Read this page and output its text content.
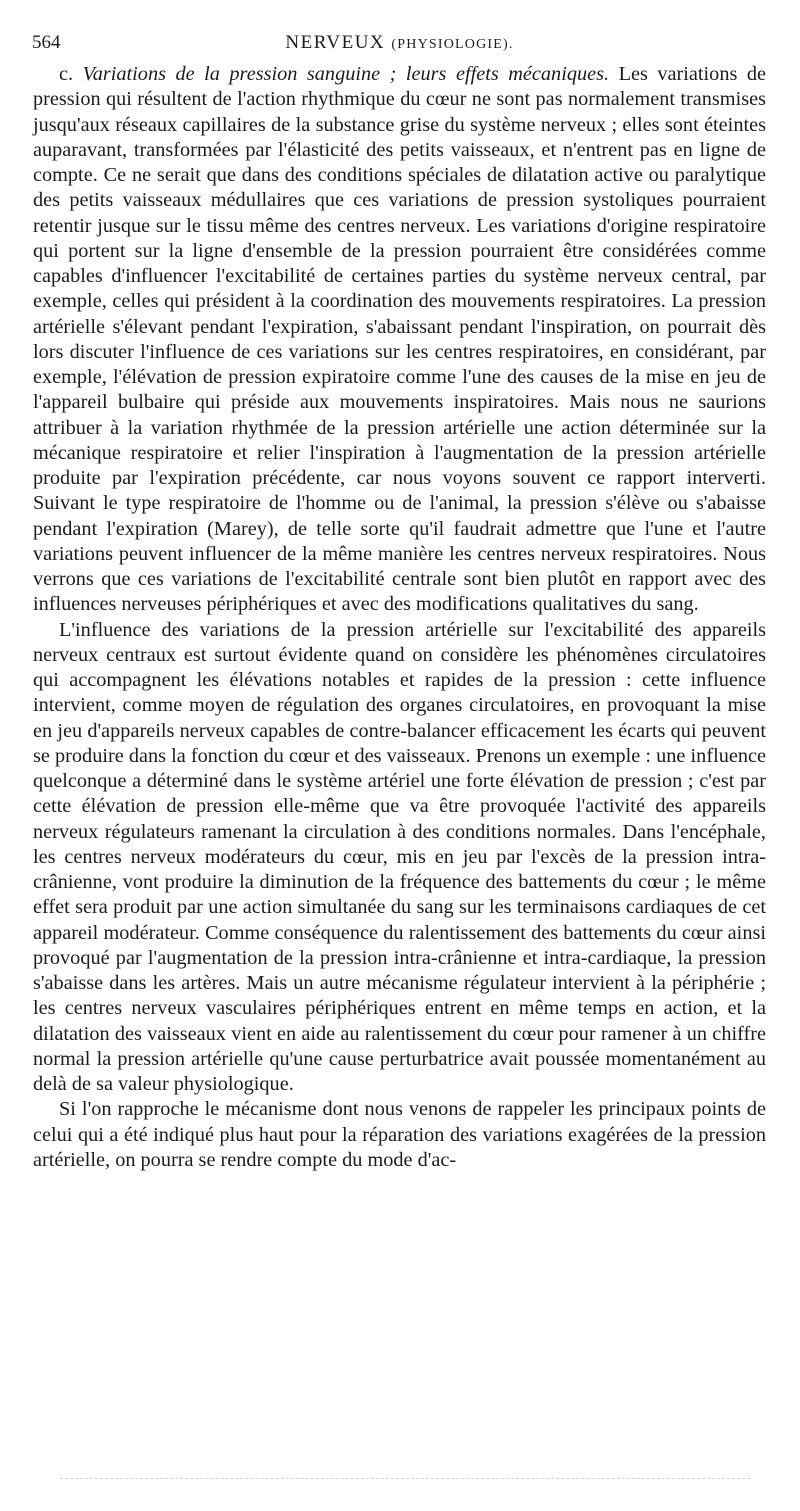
564	NERVEUX (PHYSIOLOGIE).

c. Variations de la pression sanguine ; leurs effets mécaniques. Les variations de pression qui résultent de l'action rhythmique du cœur ne sont pas normalement transmises jusqu'aux réseaux capillaires de la substance grise du système nerveux ; elles sont éteintes auparavant, transformées par l'élasticité des petits vaisseaux, et n'entrent pas en ligne de compte. Ce ne serait que dans des conditions spéciales de dilatation active ou paralytique des petits vaisseaux médullaires que ces variations de pression systoliques pourraient retentir jusque sur le tissu même des centres nerveux. Les variations d'origine respiratoire qui portent sur la ligne d'ensemble de la pression pourraient être considérées comme capables d'influencer l'excitabilité de certaines parties du système nerveux central, par exemple, celles qui président à la coordination des mouvements respiratoires. La pression artérielle s'élevant pendant l'expiration, s'abaissant pendant l'inspiration, on pourrait dès lors discuter l'influence de ces variations sur les centres respiratoires, en considérant, par exemple, l'élévation de pression expiratoire comme l'une des causes de la mise en jeu de l'appareil bulbaire qui préside aux mouvements inspiratoires. Mais nous ne saurions attribuer à la variation rhythmée de la pression artérielle une action déterminée sur la mécanique respiratoire et relier l'inspiration à l'augmentation de la pression artérielle produite par l'expiration précédente, car nous voyons souvent ce rapport interverti. Suivant le type respiratoire de l'homme ou de l'animal, la pression s'élève ou s'abaisse pendant l'expiration (Marey), de telle sorte qu'il faudrait admettre que l'une et l'autre variations peuvent influencer de la même manière les centres nerveux respiratoires. Nous verrons que ces variations de l'excitabilité centrale sont bien plutôt en rapport avec des influences nerveuses périphériques et avec des modifications qualitatives du sang.

L'influence des variations de la pression artérielle sur l'excitabilité des appareils nerveux centraux est surtout évidente quand on considère les phénomènes circulatoires qui accompagnent les élévations notables et rapides de la pression : cette influence intervient, comme moyen de régulation des organes circulatoires, en provoquant la mise en jeu d'appareils nerveux capables de contre-balancer efficacement les écarts qui peuvent se produire dans la fonction du cœur et des vaisseaux. Prenons un exemple : une influence quelconque a déterminé dans le système artériel une forte élévation de pression ; c'est par cette élévation de pression elle-même que va être provoquée l'activité des appareils nerveux régulateurs ramenant la circulation à des conditions normales. Dans l'encéphale, les centres nerveux modérateurs du cœur, mis en jeu par l'excès de la pression intra-crânienne, vont produire la diminution de la fréquence des battements du cœur ; le même effet sera produit par une action simultanée du sang sur les terminaisons cardiaques de cet appareil modérateur. Comme conséquence du ralentissement des battements du cœur ainsi provoqué par l'augmentation de la pression intra-crânienne et intra-cardiaque, la pression s'abaisse dans les artères. Mais un autre mécanisme régulateur intervient à la périphérie ; les centres nerveux vasculaires périphériques entrent en même temps en action, et la dilatation des vaisseaux vient en aide au ralentissement du cœur pour ramener à un chiffre normal la pression artérielle qu'une cause perturbatrice avait poussée momentanément au delà de sa valeur physiologique.

Si l'on rapproche le mécanisme dont nous venons de rappeler les principaux points de celui qui a été indiqué plus haut pour la réparation des variations exagérées de la pression artérielle, on pourra se rendre compte du mode d'ac-
